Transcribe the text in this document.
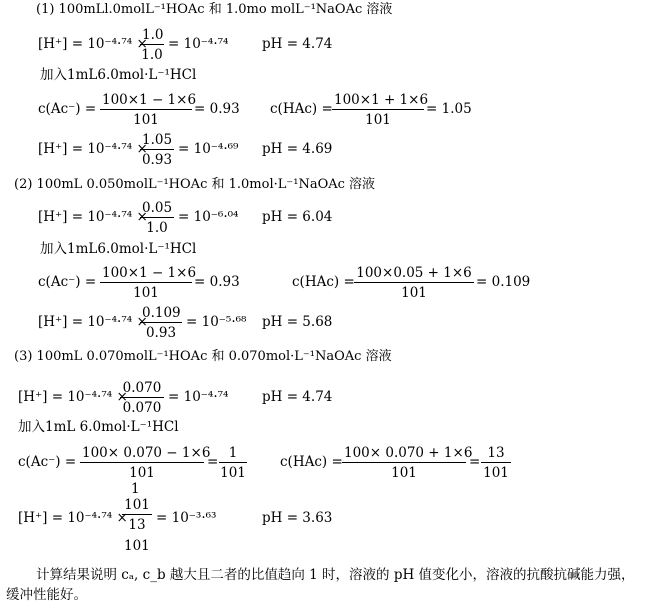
(1) 100mLl.0molL⁻¹HOAc 和 1.0mo molL⁻¹NaOAc 溶液
[H⁺] = 10⁻⁴·⁷⁴ ×
$\frac{1.0}{1.0} = 10^{-4}\cdot^{74}$ pH = 4.74
加入1mL6.0mol·L⁻¹HCl
$c(Ac^-) = \frac{100\times 1 - 1\times 6}{101} = 0.93$ $c(HAc) = \frac{100\times 1 + 1\times 6}{101} = 1.05$
[H⁺] = 10⁻⁴·⁷⁴ ×
$\frac{1.05}{0.93} = 10^{-4}\cdot^{69}$ pH = 4.69
(2) 100mL 0.050molL⁻¹HOAc 和 1.0mol·L⁻¹NaOAc 溶液
[H⁺] = 10⁻⁴·⁷⁴ ×
$\frac{0.05}{1.0} = 10^{-6}\cdot^{04}$ pH = 6.04
加入1mL6.0mol·L⁻¹HCl
$c(Ac^-) = \frac{100\times 1 - 1\times 6}{101} = 0.93$	$c(HAc) = \frac{100\times 0.05 + 1\times 6}{101} = 0.109$
[H⁺] = 10⁻⁴·⁷⁴ ×
$\frac{0.109}{0.93} = 10^{-5}\cdot^{68}$ pH = 5.68
(3) 100mL 0.070molL⁻¹HOAc 和 0.070mol·L⁻¹NaOAc 溶液
[H⁺] = 10⁻⁴·⁷⁴ ×
$\frac{0.070}{0.070} = 10^{-4}\cdot^{74}$ pH = 4.74
加入1mL 6.0mol·L⁻¹HCl
$c(Ac^-) = \frac{100\times 0.070 - 1\times 6}{101} = \frac{1}{101} c(HAc) = \frac{100\times 0.070 + 1\times 6}{101} = \frac{13}{101}$
[H⁺] = 10⁻⁴·⁷⁴ ×
1
$\frac{101}{13}$
101
= 10⁻³·⁶³	pH = 3.63
计算结果说明 cₐ, c_b 越大且二者的比值趋向 1 时，溶液的 pH 值变化小，溶液的抗酸抗碱能力强，
缓冲性能好。
